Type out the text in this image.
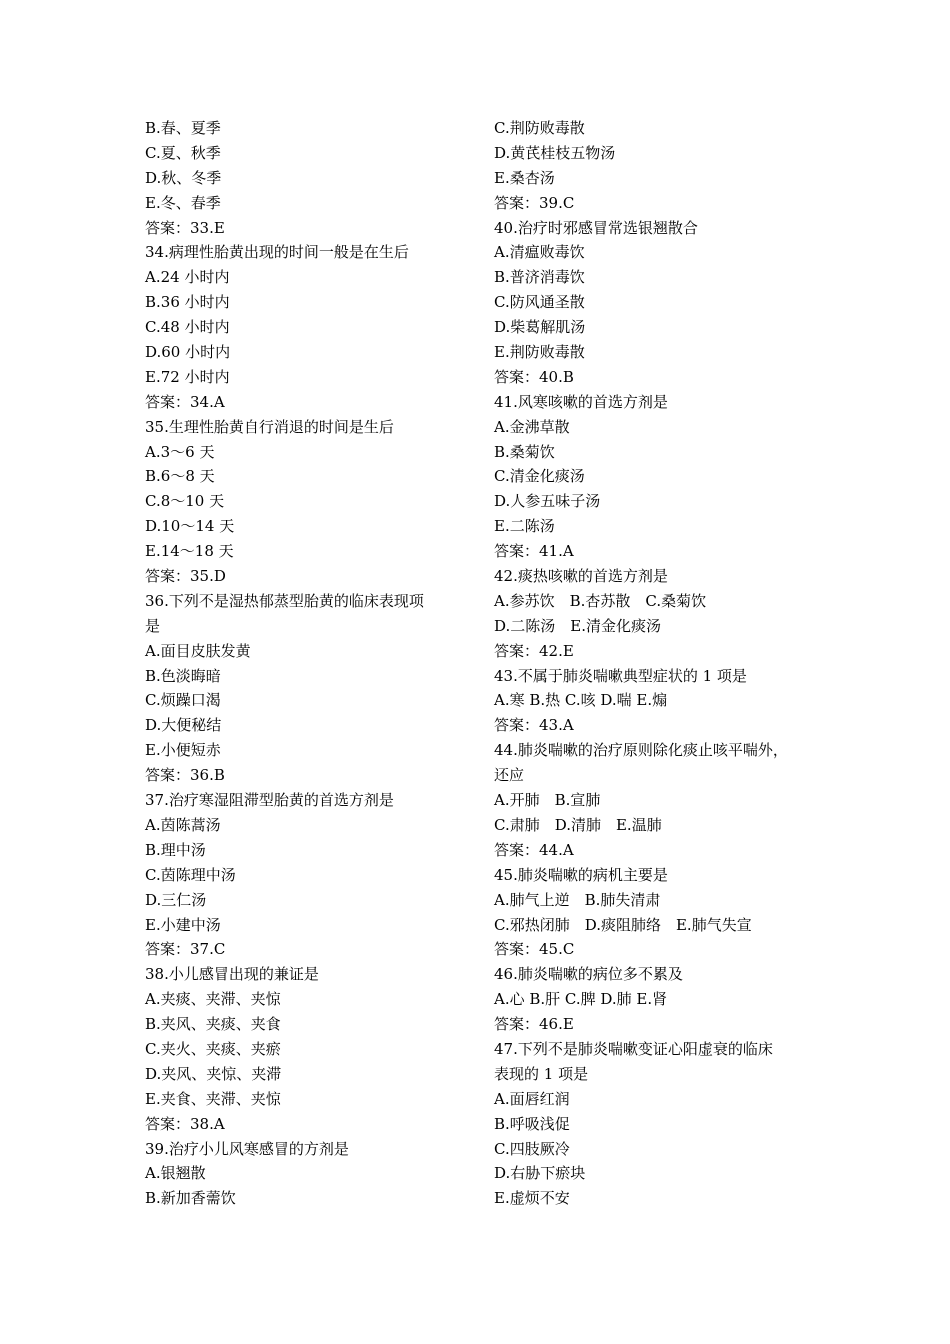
B.春、夏季
C.夏、秋季
D.秋、冬季
E.冬、春季
答案：33.E
34.病理性胎黄出现的时间一般是在生后
A.24 小时内
B.36 小时内
C.48 小时内
D.60 小时内
E.72 小时内
答案：34.A
35.生理性胎黄自行消退的时间是生后
A.3～6 天
B.6～8 天
C.8～10 天
D.10～14 天
E.14～18 天
答案：35.D
36.下列不是湿热郁蒸型胎黄的临床表现项
是
A.面目皮肤发黄
B.色淡晦暗
C.烦躁口渴
D.大便秘结
E.小便短赤
答案：36.B
37.治疗寒湿阻滞型胎黄的首选方剂是
A.茵陈蒿汤
B.理中汤
C.茵陈理中汤
D.三仁汤
E.小建中汤
答案：37.C
38.小儿感冒出现的兼证是
A.夹痰、夹滞、夹惊
B.夹风、夹痰、夹食
C.夹火、夹痰、夹瘀
D.夹风、夹惊、夹滞
E.夹食、夹滞、夹惊
答案：38.A
39.治疗小儿风寒感冒的方剂是
A.银翘散
B.新加香薷饮
C.荆防败毒散
D.黄芪桂枝五物汤
E.桑杏汤
答案：39.C
40.治疗时邪感冒常选银翘散合
A.清瘟败毒饮
B.普济消毒饮
C.防风通圣散
D.柴葛解肌汤
E.荆防败毒散
答案：40.B
41.风寒咳嗽的首选方剂是
A.金沸草散
B.桑菊饮
C.清金化痰汤
D.人参五味子汤
E.二陈汤
答案：41.A
42.痰热咳嗽的首选方剂是
A.参苏饮　B.杏苏散　C.桑菊饮
D.二陈汤　E.清金化痰汤
答案：42.E
43.不属于肺炎喘嗽典型症状的 1 项是
A.寒 B.热 C.咳 D.喘 E.煽
答案：43.A
44.肺炎喘嗽的治疗原则除化痰止咳平喘外，
还应
A.开肺　B.宣肺
C.肃肺　D.清肺　E.温肺
答案：44.A
45.肺炎喘嗽的病机主要是
A.肺气上逆　B.肺失清肃
C.邪热闭肺　D.痰阻肺络　E.肺气失宣
答案：45.C
46.肺炎喘嗽的病位多不累及
A.心 B.肝 C.脾 D.肺 E.肾
答案：46.E
47.下列不是肺炎喘嗽变证心阳虚衰的临床
表现的 1 项是
A.面唇红润
B.呼吸浅促
C.四肢厥冷
D.右胁下瘀块
E.虚烦不安
